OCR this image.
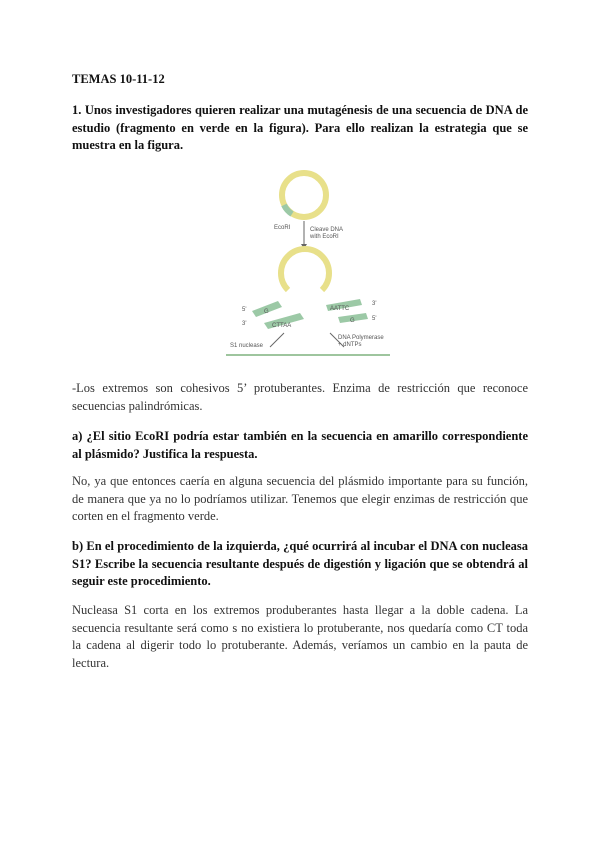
TEMAS 10-11-12
1. Unos investigadores quieren realizar una mutagénesis de una secuencia de DNA de estudio (fragmento en verde en la figura). Para ello realizan la estrategia que se muestra en la figura.
EcoRI	Cleave DNA
with EcoRI
G
CTTAA
5'
3'
AATTC
G
3'
5'
S1 nuclease
DNA Polymerase
+ dNTPs
-Los extremos son cohesivos 5’ protuberantes. Enzima de restricción que reconoce secuencias palindrómicas.
a) ¿El sitio EcoRI podría estar también en la secuencia en amarillo correspondiente al plásmido? Justifica la respuesta.
No, ya que entonces caería en alguna secuencia del plásmido importante para su función, de manera que ya no lo podríamos utilizar. Tenemos que elegir enzimas de restricción que corten en el fragmento verde.
b) En el procedimiento de la izquierda, ¿qué ocurrirá al incubar el DNA con nucleasa S1? Escribe la secuencia resultante después de digestión y ligación que se obtendrá al seguir este procedimiento.
Nucleasa S1 corta en los extremos produberantes hasta llegar a la doble cadena. La secuencia resultante será como s no existiera lo protuberante, nos quedaría como CT toda la cadena al digerir todo lo protuberante. Además, veríamos un cambio en la pauta de lectura.
